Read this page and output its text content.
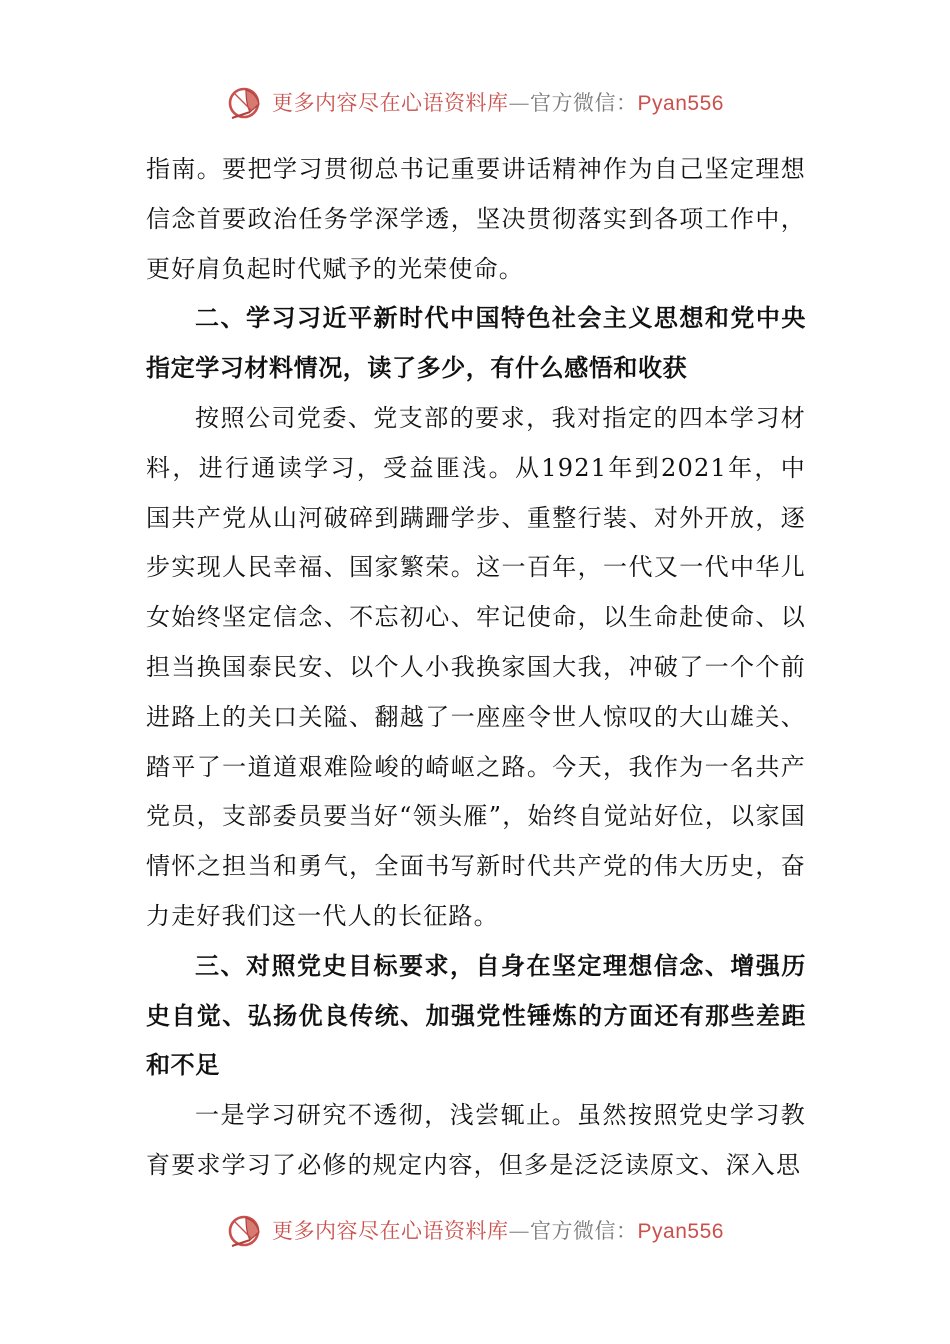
更多内容尽在心语资料库—官方微信：Pyan556

指南。要把学习贯彻总书记重要讲话精神作为自己坚定理想信念首要政治任务学深学透，坚决贯彻落实到各项工作中，更好肩负起时代赋予的光荣使命。

二、学习习近平新时代中国特色社会主义思想和党中央指定学习材料情况，读了多少，有什么感悟和收获

按照公司党委、党支部的要求，我对指定的四本学习材料，进行通读学习，受益匪浅。从1921年到2021年，中国共产党从山河破碎到蹒跚学步、重整行装、对外开放，逐步实现人民幸福、国家繁荣。这一百年，一代又一代中华儿女始终坚定信念、不忘初心、牢记使命，以生命赴使命、以担当换国泰民安、以个人小我换家国大我，冲破了一个个前进路上的关口关隘、翻越了一座座令世人惊叹的大山雄关、踏平了一道道艰难险峻的崎岖之路。今天，我作为一名共产党员，支部委员要当好“领头雁”，始终自觉站好位，以家国情怀之担当和勇气，全面书写新时代共产党的伟大历史，奋力走好我们这一代人的长征路。

三、对照党史目标要求，自身在坚定理想信念、增强历史自觉、弘扬优良传统、加强党性锤炼的方面还有那些差距和不足

一是学习研究不透彻，浅尝辄止。虽然按照党史学习教育要求学习了必修的规定内容，但多是泛泛读原文、深入思

更多内容尽在心语资料库—官方微信：Pyan556
